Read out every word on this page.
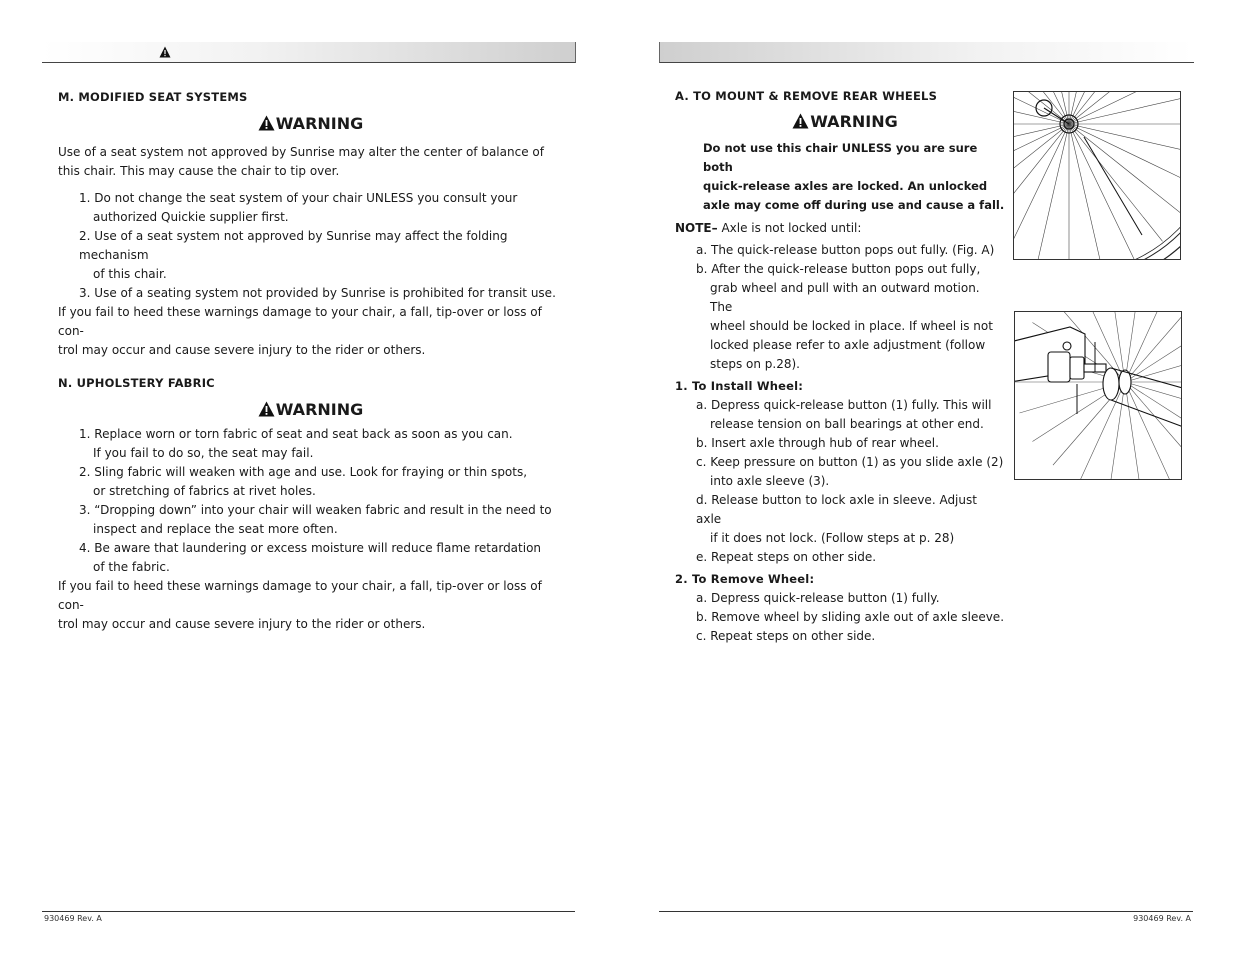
M. MODIFIED SEAT SYSTEMS
WARNING

Use of a seat system not approved by Sunrise may alter the center of balance of this chair. This may cause the chair to tip over.

1. Do not change the seat system of your chair UNLESS you consult your
authorized Quickie supplier first.
2. Use of a seat system not approved by Sunrise may affect the folding mechanism
of this chair.
3. Use of a seating system not provided by Sunrise is prohibited for transit use.

If you fail to heed these warnings damage to your chair, a fall, tip-over or loss of con-

trol may occur and cause severe injury to the rider or others.

N. UPHOLSTERY FABRIC
WARNING
1. Replace worn or torn fabric of seat and seat back as soon as you can.
If you fail to do so, the seat may fail.
2. Sling fabric will weaken with age and use. Look for fraying or thin spots,
or stretching of fabrics at rivet holes.
3. “Dropping down” into your chair will weaken fabric and result in the need to
inspect and replace the seat more often.
4. Be aware that laundering or excess moisture will reduce flame retardation
of the fabric.

If you fail to heed these warnings damage to your chair, a fall, tip-over or loss of con-

trol may occur and cause severe injury to the rider or others.

A. TO MOUNT & REMOVE REAR WHEELS
WARNING
Do not use this chair UNLESS you are sure both
quick-release axles are locked. An unlocked
axle may come off during use and cause a fall.
NOTE– Axle is not locked until:
a. The quick-release button pops out fully. (Fig. A)
b. After the quick-release button pops out fully,
grab wheel and pull with an outward motion. The
wheel should be locked in place. If wheel is not
locked please refer to axle adjustment (follow
steps on p.28).
1. To Install Wheel:
a. Depress quick-release button (1) fully. This will
release tension on ball bearings at other end.
b. Insert axle through hub of rear wheel.
c. Keep pressure on button (1) as you slide axle (2)
into axle sleeve (3).
d. Release button to lock axle in sleeve. Adjust axle
if it does not lock. (Follow steps at p. 28)
e. Repeat steps on other side.
2. To Remove Wheel:
a. Depress quick-release button (1) fully.
b. Remove wheel by sliding axle out of axle sleeve.
c. Repeat steps on other side.
930469 Rev. A	930469 Rev. A
